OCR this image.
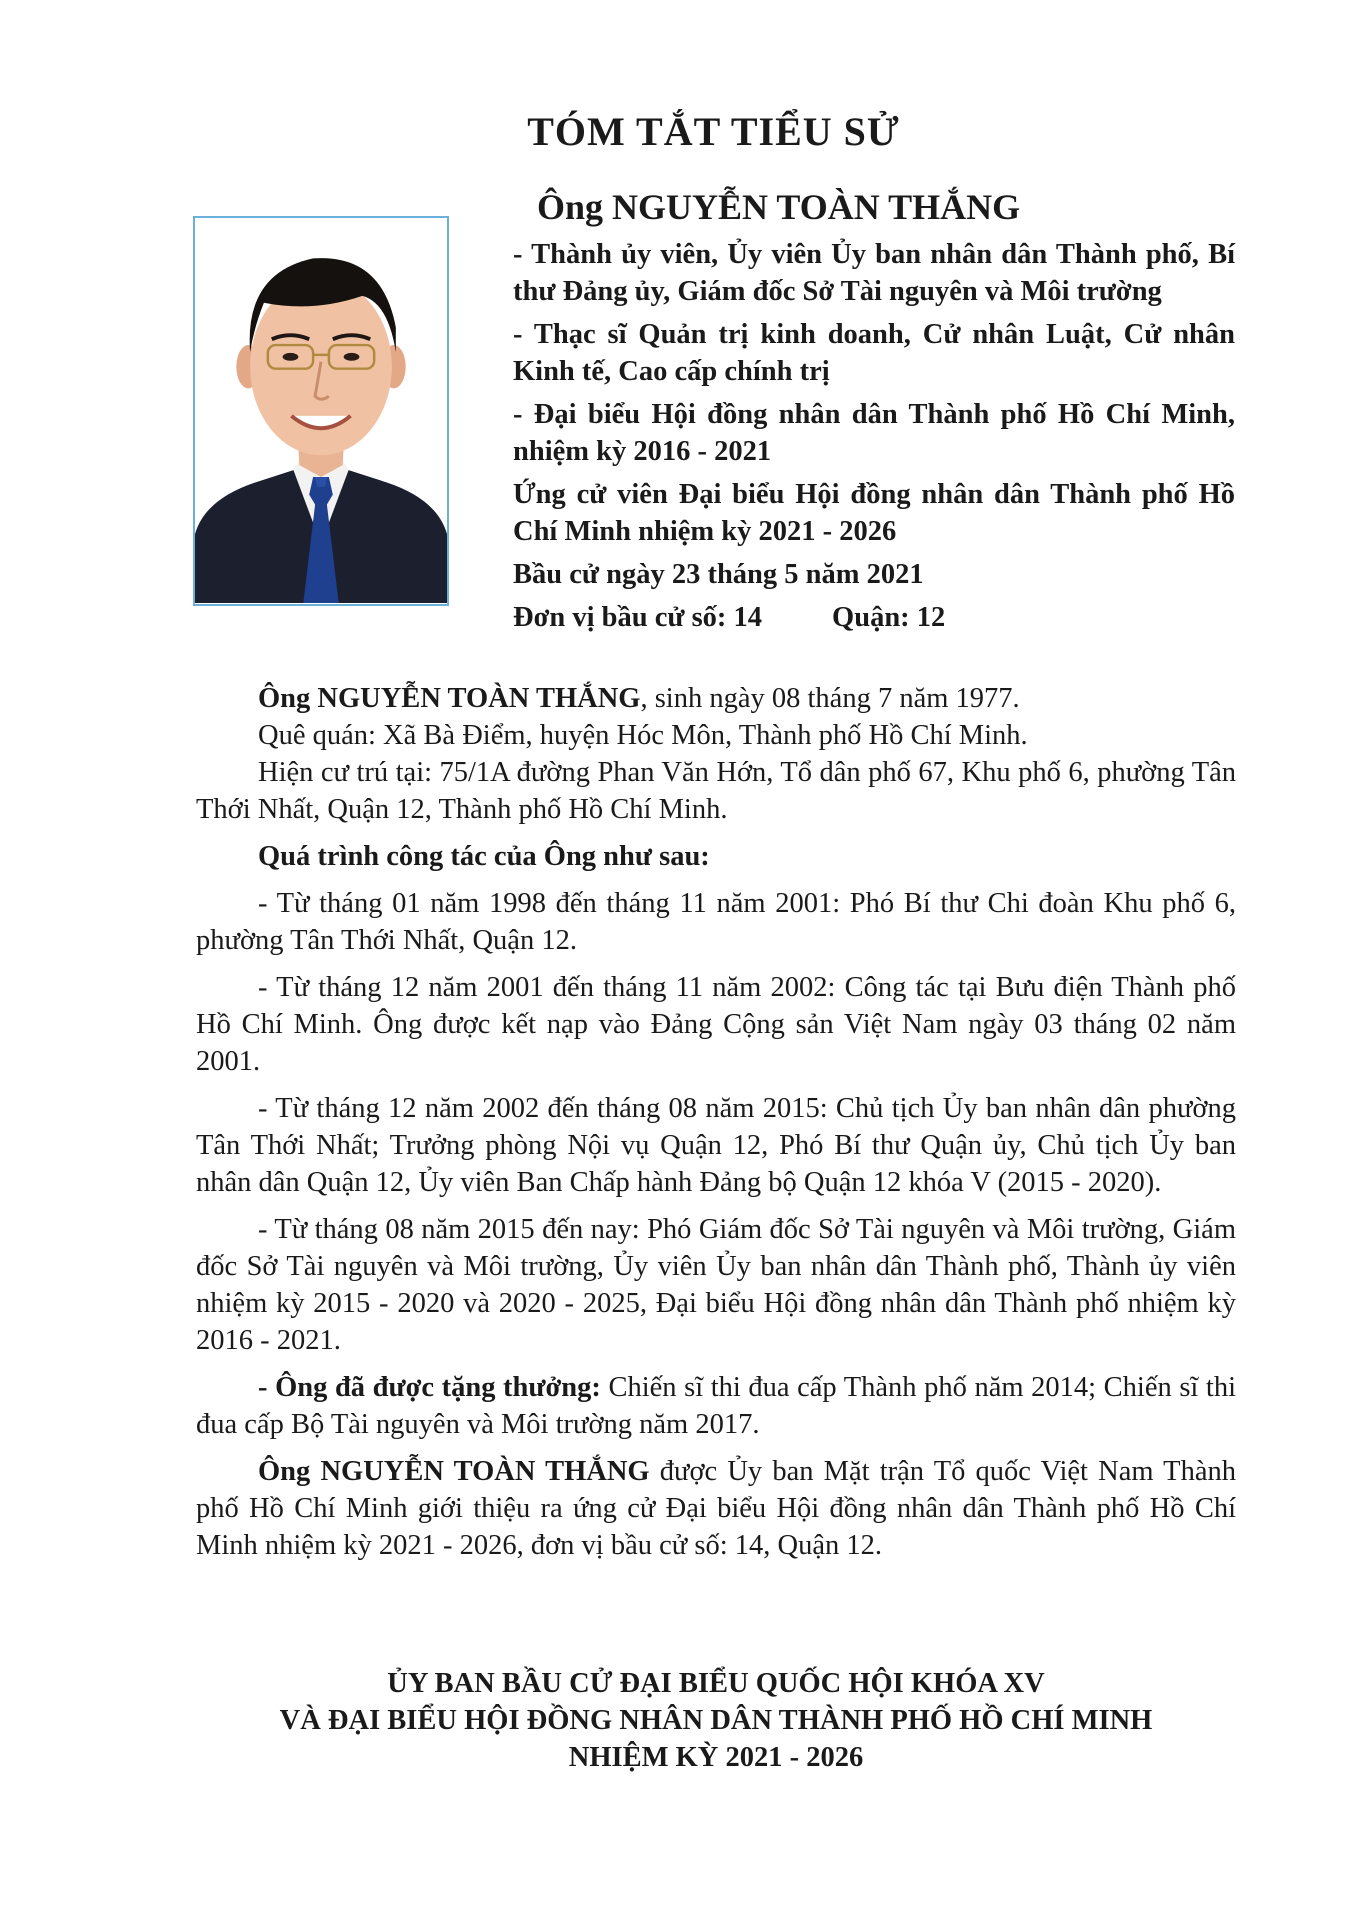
TÓM TẮT TIỂU SỬ
Ông NGUYỄN TOÀN THẮNG

- Thành ủy viên, Ủy viên Ủy ban nhân dân Thành phố, Bí thư Đảng ủy, Giám đốc Sở Tài nguyên và Môi trường

- Thạc sĩ Quản trị kinh doanh, Cử nhân Luật, Cử nhân Kinh tế, Cao cấp chính trị

- Đại biểu Hội đồng nhân dân Thành phố Hồ Chí Minh, nhiệm kỳ 2016 - 2021

Ứng cử viên Đại biểu Hội đồng nhân dân Thành phố Hồ Chí Minh nhiệm kỳ 2021 - 2026

Bầu cử ngày 23 tháng 5 năm 2021

Đơn vị bầu cử số: 14 Quận: 12

Ông NGUYỄN TOÀN THẮNG, sinh ngày 08 tháng 7 năm 1977.

Quê quán: Xã Bà Điểm, huyện Hóc Môn, Thành phố Hồ Chí Minh.

Hiện cư trú tại: 75/1A đường Phan Văn Hớn, Tổ dân phố 67, Khu phố 6, phường Tân Thới Nhất, Quận 12, Thành phố Hồ Chí Minh.

Quá trình công tác của Ông như sau:

- Từ tháng 01 năm 1998 đến tháng 11 năm 2001: Phó Bí thư Chi đoàn Khu phố 6, phường Tân Thới Nhất, Quận 12.

- Từ tháng 12 năm 2001 đến tháng 11 năm 2002: Công tác tại Bưu điện Thành phố Hồ Chí Minh. Ông được kết nạp vào Đảng Cộng sản Việt Nam ngày 03 tháng 02 năm 2001.

- Từ tháng 12 năm 2002 đến tháng 08 năm 2015: Chủ tịch Ủy ban nhân dân phường Tân Thới Nhất; Trưởng phòng Nội vụ Quận 12, Phó Bí thư Quận ủy, Chủ tịch Ủy ban nhân dân Quận 12, Ủy viên Ban Chấp hành Đảng bộ Quận 12 khóa V (2015 - 2020).

- Từ tháng 08 năm 2015 đến nay: Phó Giám đốc Sở Tài nguyên và Môi trường, Giám đốc Sở Tài nguyên và Môi trường, Ủy viên Ủy ban nhân dân Thành phố, Thành ủy viên nhiệm kỳ 2015 - 2020 và 2020 - 2025, Đại biểu Hội đồng nhân dân Thành phố nhiệm kỳ 2016 - 2021.

- Ông đã được tặng thưởng: Chiến sĩ thi đua cấp Thành phố năm 2014; Chiến sĩ thi đua cấp Bộ Tài nguyên và Môi trường năm 2017.

Ông NGUYỄN TOÀN THẮNG được Ủy ban Mặt trận Tổ quốc Việt Nam Thành phố Hồ Chí Minh giới thiệu ra ứng cử Đại biểu Hội đồng nhân dân Thành phố Hồ Chí Minh nhiệm kỳ 2021 - 2026, đơn vị bầu cử số: 14, Quận 12.

ỦY BAN BẦU CỬ ĐẠI BIỂU QUỐC HỘI KHÓA XV
VÀ ĐẠI BIỂU HỘI ĐỒNG NHÂN DÂN THÀNH PHỐ HỒ CHÍ MINH
NHIỆM KỲ 2021 - 2026
